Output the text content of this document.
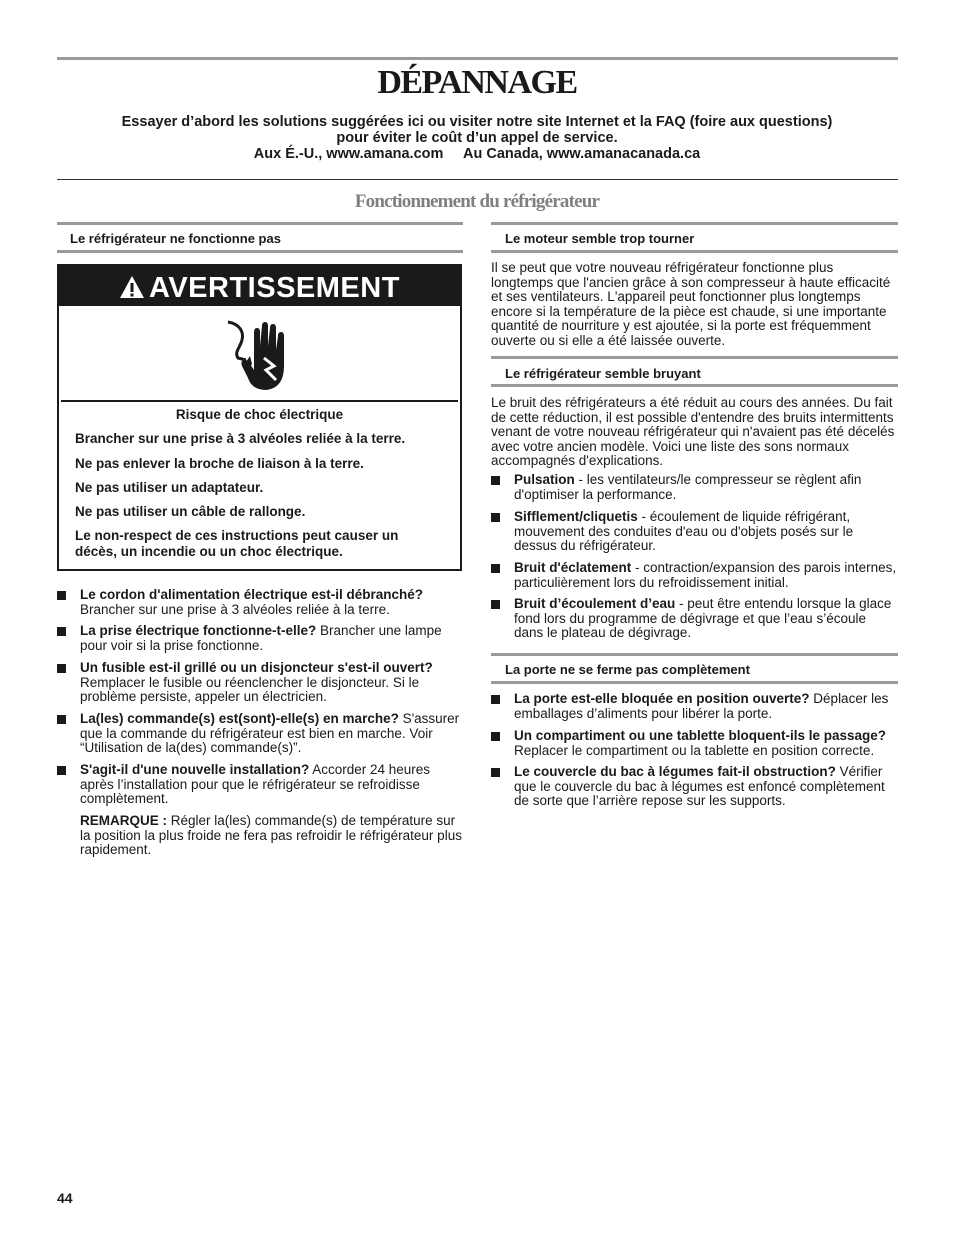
DÉPANNAGE
Essayer d’abord les solutions suggérées ici ou visiter notre site Internet et la FAQ (foire aux questions)
pour éviter le coût d’un appel de service.
Aux É.-U., www.amana.com     Au Canada, www.amanacanada.ca
Fonctionnement du réfrigérateur
Le réfrigérateur ne fonctionne pas
AVERTISSEMENT
Risque de choc électrique
Brancher sur une prise à 3 alvéoles reliée à la terre.
Ne pas enlever la broche de liaison à la terre.
Ne pas utiliser un adaptateur.
Ne pas utiliser un câble de rallonge.
Le non-respect de ces instructions peut causer un décès, un incendie ou un choc électrique.
Le cordon d'alimentation électrique est-il débranché? Brancher sur une prise à 3 alvéoles reliée à la terre.
La prise électrique fonctionne-t-elle? Brancher une lampe pour voir si la prise fonctionne.
Un fusible est-il grillé ou un disjoncteur s'est-il ouvert? Remplacer le fusible ou réenclencher le disjoncteur. Si le problème persiste, appeler un électricien.
La(les) commande(s) est(sont)-elle(s) en marche? S'assurer que la commande du réfrigérateur est bien en marche. Voir “Utilisation de la(des) commande(s)”.
S'agit-il d'une nouvelle installation? Accorder 24 heures après l’installation pour que le réfrigérateur se refroidisse complètement.
REMARQUE : Régler la(les) commande(s) de température sur la position la plus froide ne fera pas refroidir le réfrigérateur plus rapidement.
Le moteur semble trop tourner

Il se peut que votre nouveau réfrigérateur fonctionne plus longtemps que l'ancien grâce à son compresseur à haute efficacité et ses ventilateurs. L'appareil peut fonctionner plus longtemps encore si la température de la pièce est chaude, si une importante quantité de nourriture y est ajoutée, si la porte est fréquemment ouverte ou si elle a été laissée ouverte.

Le réfrigérateur semble bruyant

Le bruit des réfrigérateurs a été réduit au cours des années. Du fait de cette réduction, il est possible d'entendre des bruits intermittents venant de votre nouveau réfrigérateur qui n'avaient pas été décelés avec votre ancien modèle. Voici une liste des sons normaux accompagnés d'explications.

Pulsation - les ventilateurs/le compresseur se règlent afin d'optimiser la performance.
Sifflement/cliquetis - écoulement de liquide réfrigérant, mouvement des conduites d'eau ou d'objets posés sur le dessus du réfrigérateur.
Bruit d'éclatement - contraction/expansion des parois internes, particulièrement lors du refroidissement initial.
Bruit d’écoulement d’eau - peut être entendu lorsque la glace fond lors du programme de dégivrage et que l’eau s’écoule dans le plateau de dégivrage.
La porte ne se ferme pas complètement
La porte est-elle bloquée en position ouverte? Déplacer les emballages d’aliments pour libérer la porte.
Un compartiment ou une tablette bloquent-ils le passage? Replacer le compartiment ou la tablette en position correcte.
Le couvercle du bac à légumes fait-il obstruction? Vérifier que le couvercle du bac à légumes est enfoncé complètement de sorte que l’arrière repose sur les supports.
44
